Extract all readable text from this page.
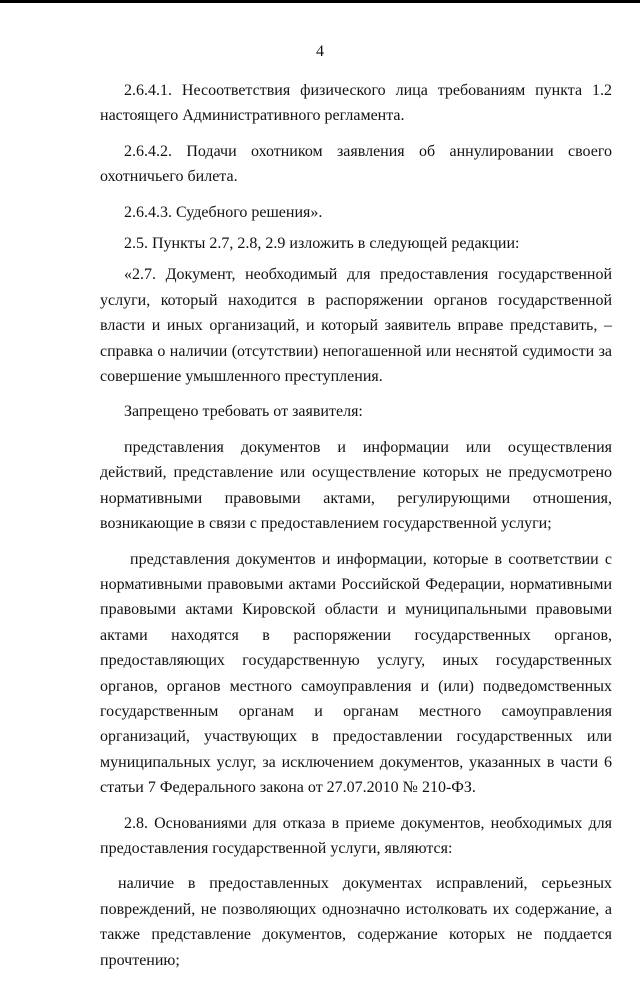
4

2.6.4.1. Несоответствия физического лица требованиям пункта 1.2 настоящего Административного регламента.

2.6.4.2. Подачи охотником заявления об аннулировании своего охотничьего билета.

2.6.4.3. Судебного решения».

2.5. Пункты 2.7, 2.8, 2.9 изложить в следующей редакции:

«2.7. Документ, необходимый для предоставления государственной услуги, который находится в распоряжении органов государственной власти и иных организаций, и который заявитель вправе представить, – справка о наличии (отсутствии) непогашенной или неснятой судимости за совершение умышленного преступления.

Запрещено требовать от заявителя:

представления документов и информации или осуществления действий, представление или осуществление которых не предусмотрено нормативными правовыми актами, регулирующими отношения, возникающие в связи с предоставлением государственной услуги;

представления документов и информации, которые в соответствии с нормативными правовыми актами Российской Федерации, нормативными правовыми актами Кировской области и муниципальными правовыми актами находятся в распоряжении государственных органов, предоставляющих государственную услугу, иных государственных органов, органов местного самоуправления и (или) подведомственных государственным органам и органам местного самоуправления организаций, участвующих в предоставлении государственных или муниципальных услуг, за исключением документов, указанных в части 6 статьи 7 Федерального закона от 27.07.2010 № 210-ФЗ.

2.8. Основаниями для отказа в приеме документов, необходимых для предоставления государственной услуги, являются:

наличие в предоставленных документах исправлений, серьезных повреждений, не позволяющих однозначно истолковать их содержание, а также представление документов, содержание которых не поддается прочтению;
